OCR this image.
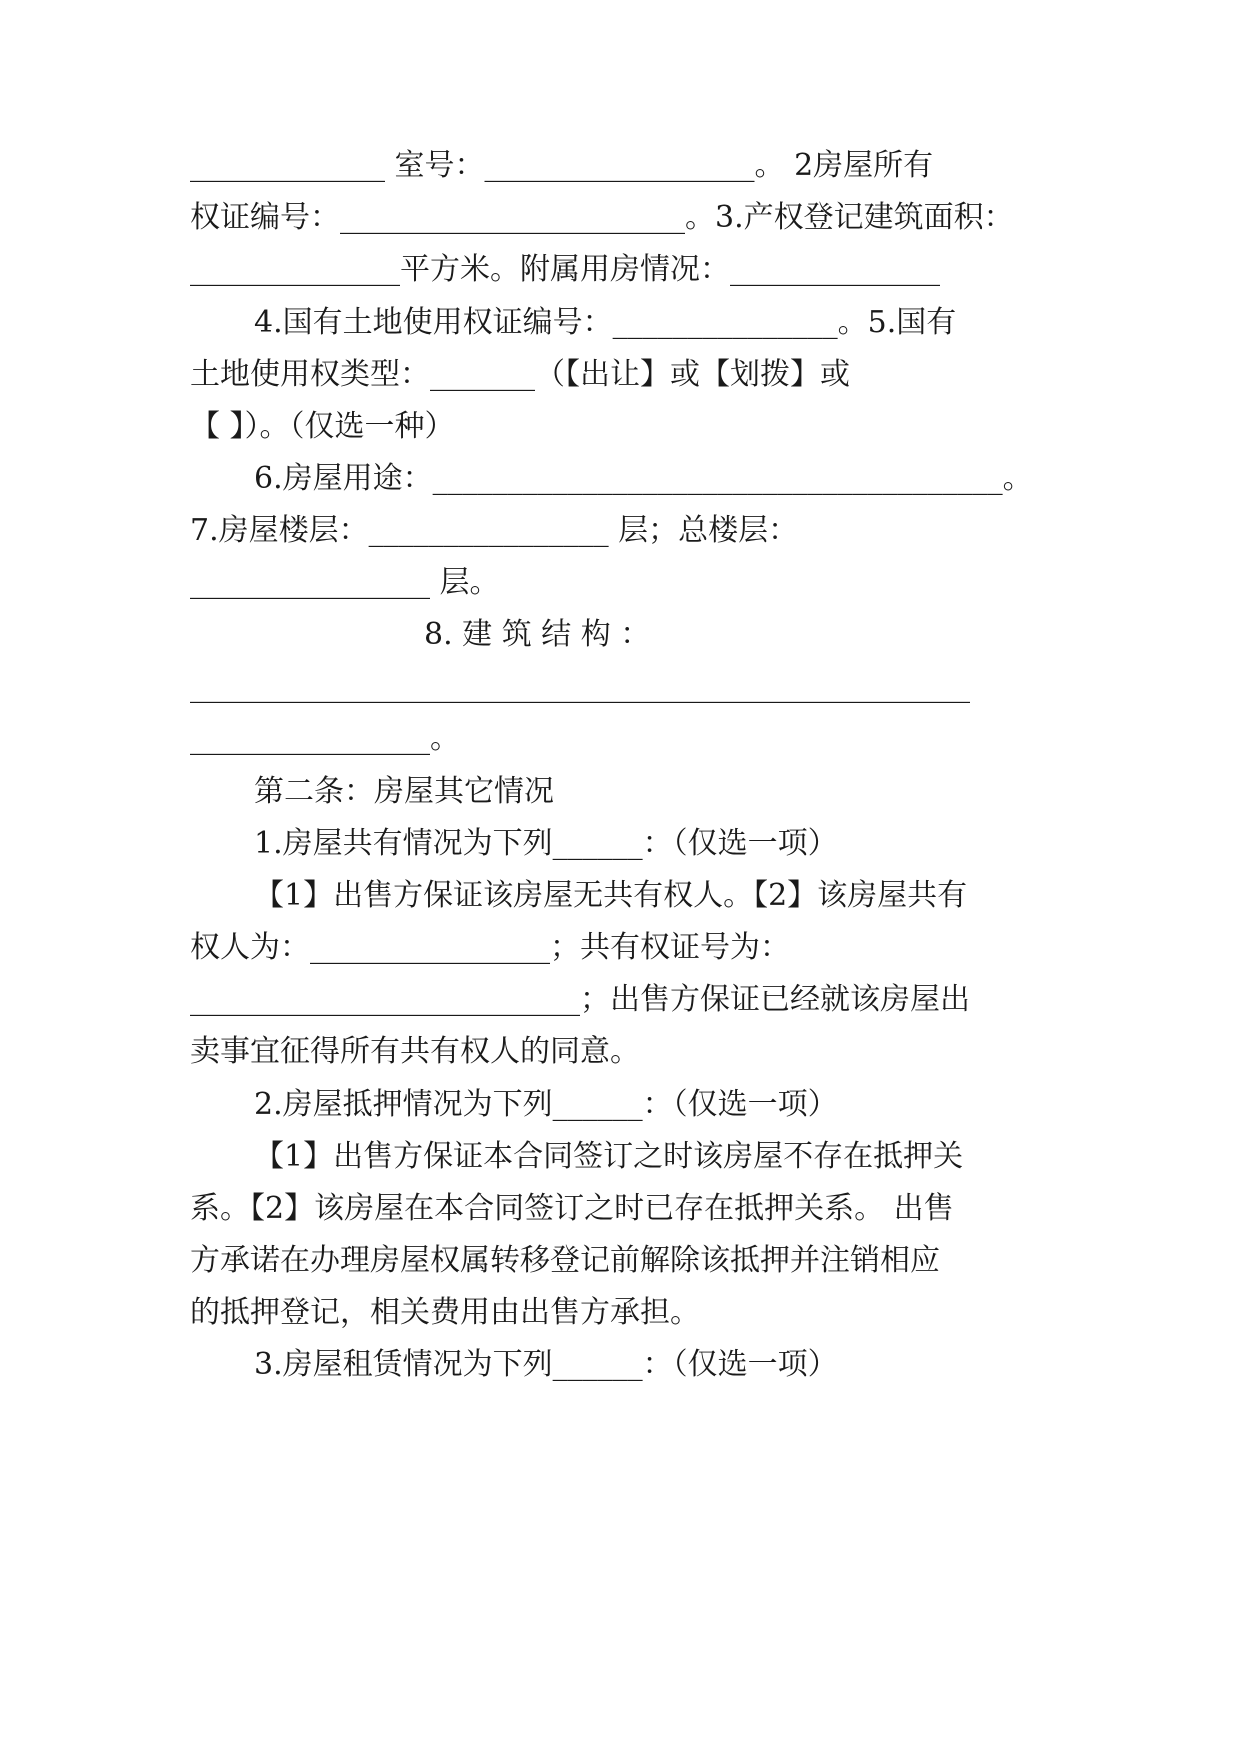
_____________ 室号：__________________。 2房屋所有
权证编号：_______________________。3.产权登记建筑面积：
______________平方米。附属用房情况：______________
4.国有土地使用权证编号：_______________。5.国有
土地使用权类型：_______（【出让】或【划拨】或
【 】）。（仅选一种）
6.房屋用途：______________________________________。
7.房屋楼层：________________ 层；总楼层：
________________ 层。
8. 建 筑 结 构 ：
____________________________________________________
________________。
第二条：房屋其它情况
1.房屋共有情况为下列______：（仅选一项）
【1】出售方保证该房屋无共有权人。【2】该房屋共有
权人为：________________；共有权证号为：
__________________________；出售方保证已经就该房屋出
卖事宜征得所有共有权人的同意。
2.房屋抵押情况为下列______：（仅选一项）
【1】出售方保证本合同签订之时该房屋不存在抵押关
系。【2】该房屋在本合同签订之时已存在抵押关系。 出售
方承诺在办理房屋权属转移登记前解除该抵押并注销相应
的抵押登记，相关费用由出售方承担。
3.房屋租赁情况为下列______：（仅选一项）
